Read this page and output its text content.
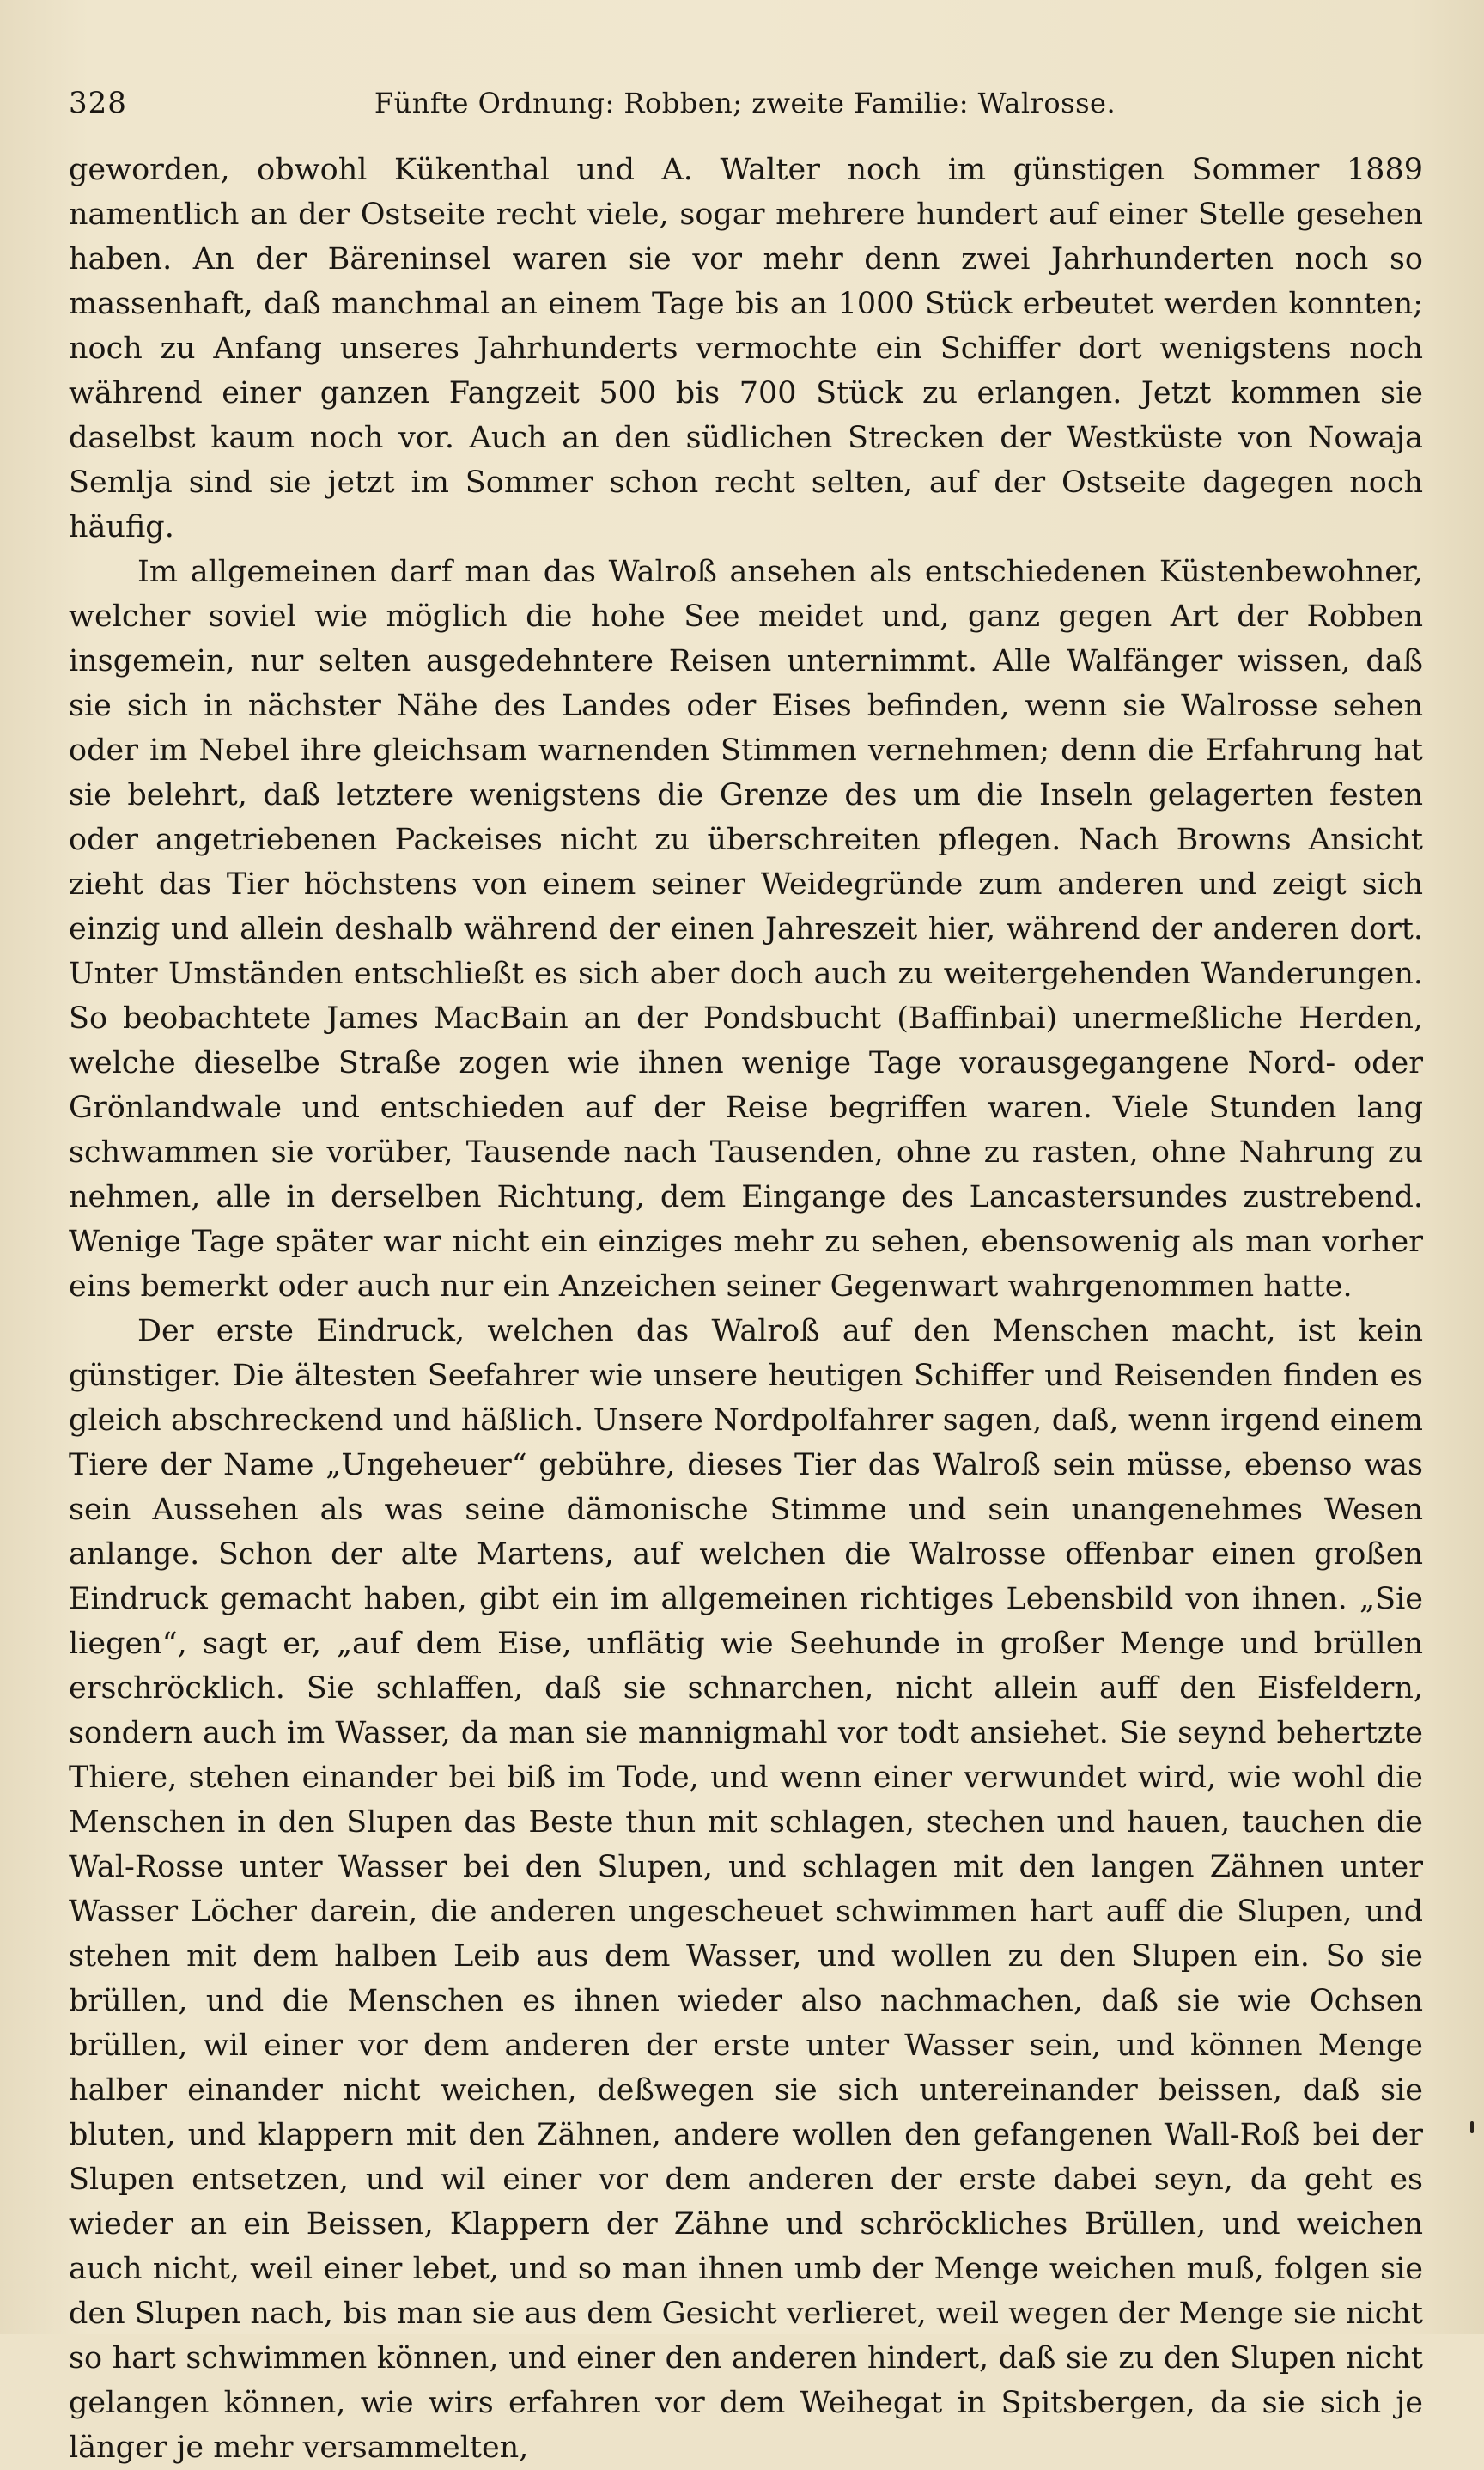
328	Fünfte Ordnung: Robben; zweite Familie: Walrosse.

geworden, obwohl Kükenthal und A. Walter noch im günstigen Sommer 1889 namentlich an der Ostseite recht viele, sogar mehrere hundert auf einer Stelle gesehen haben. An der Bäreninsel waren sie vor mehr denn zwei Jahrhunderten noch so massenhaft, daß manchmal an einem Tage bis an 1000 Stück erbeutet werden konnten; noch zu Anfang unseres Jahrhunderts vermochte ein Schiffer dort wenigstens noch während einer ganzen Fangzeit 500 bis 700 Stück zu erlangen. Jetzt kommen sie daselbst kaum noch vor. Auch an den südlichen Strecken der Westküste von Nowaja Semlja sind sie jetzt im Sommer schon recht selten, auf der Ostseite dagegen noch häufig.

Im allgemeinen darf man das Walroß ansehen als entschiedenen Küstenbewohner, welcher soviel wie möglich die hohe See meidet und, ganz gegen Art der Robben insgemein, nur selten ausgedehntere Reisen unternimmt. Alle Walfänger wissen, daß sie sich in nächster Nähe des Landes oder Eises befinden, wenn sie Walrosse sehen oder im Nebel ihre gleichsam warnenden Stimmen vernehmen; denn die Erfahrung hat sie belehrt, daß letztere wenigstens die Grenze des um die Inseln gelagerten festen oder angetriebenen Packeises nicht zu überschreiten pflegen. Nach Browns Ansicht zieht das Tier höchstens von einem seiner Weidegründe zum anderen und zeigt sich einzig und allein deshalb während der einen Jahreszeit hier, während der anderen dort. Unter Umständen entschließt es sich aber doch auch zu weitergehenden Wanderungen. So beobachtete James MacBain an der Pondsbucht (Baffinbai) unermeßliche Herden, welche dieselbe Straße zogen wie ihnen wenige Tage vorausgegangene Nord- oder Grönlandwale und entschieden auf der Reise begriffen waren. Viele Stunden lang schwammen sie vorüber, Tausende nach Tausenden, ohne zu rasten, ohne Nahrung zu nehmen, alle in derselben Richtung, dem Eingange des Lancastersundes zustrebend. Wenige Tage später war nicht ein einziges mehr zu sehen, ebensowenig als man vorher eins bemerkt oder auch nur ein Anzeichen seiner Gegenwart wahrgenommen hatte.

Der erste Eindruck, welchen das Walroß auf den Menschen macht, ist kein günstiger. Die ältesten Seefahrer wie unsere heutigen Schiffer und Reisenden finden es gleich abschreckend und häßlich. Unsere Nordpolfahrer sagen, daß, wenn irgend einem Tiere der Name „Ungeheuer“ gebühre, dieses Tier das Walroß sein müsse, ebenso was sein Aussehen als was seine dämonische Stimme und sein unangenehmes Wesen anlange. Schon der alte Martens, auf welchen die Walrosse offenbar einen großen Eindruck gemacht haben, gibt ein im allgemeinen richtiges Lebensbild von ihnen. „Sie liegen“, sagt er, „auf dem Eise, unflätig wie Seehunde in großer Menge und brüllen erschröcklich. Sie schlaffen, daß sie schnarchen, nicht allein auff den Eisfeldern, sondern auch im Wasser, da man sie mannigmahl vor todt ansiehet. Sie seynd behertzte Thiere, stehen einander bei biß im Tode, und wenn einer verwundet wird, wie wohl die Menschen in den Slupen das Beste thun mit schlagen, stechen und hauen, tauchen die Wal-Rosse unter Wasser bei den Slupen, und schlagen mit den langen Zähnen unter Wasser Löcher darein, die anderen ungescheuet schwimmen hart auff die Slupen, und stehen mit dem halben Leib aus dem Wasser, und wollen zu den Slupen ein. So sie brüllen, und die Menschen es ihnen wieder also nachmachen, daß sie wie Ochsen brüllen, wil einer vor dem anderen der erste unter Wasser sein, und können Menge halber einander nicht weichen, deßwegen sie sich untereinander beissen, daß sie bluten, und klappern mit den Zähnen, andere wollen den gefangenen Wall-Roß bei der Slupen entsetzen, und wil einer vor dem anderen der erste dabei seyn, da geht es wieder an ein Beissen, Klappern der Zähne und schröckliches Brüllen, und weichen auch nicht, weil einer lebet, und so man ihnen umb der Menge weichen muß, folgen sie den Slupen nach, bis man sie aus dem Gesicht verlieret, weil wegen der Menge sie nicht so hart schwimmen können, und einer den anderen hindert, daß sie zu den Slupen nicht gelangen können, wie wirs erfahren vor dem Weihegat in Spitsbergen, da sie sich je länger je mehr versammelten,
